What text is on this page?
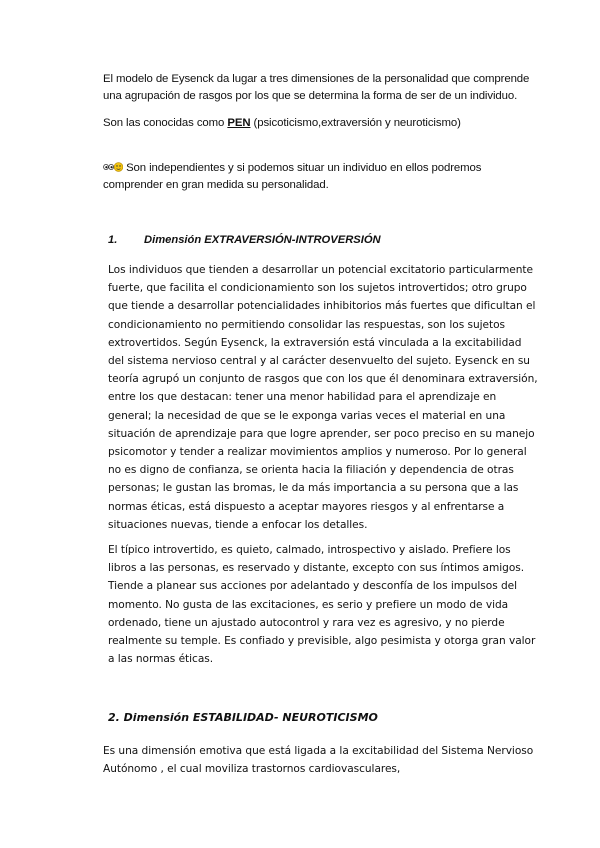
El modelo de Eysenck da lugar a tres dimensiones de la personalidad que comprende una agrupación de rasgos por los que se determina la forma de ser de un individuo.

Son las conocidas como PEN (psicoticismo,extraversión y neuroticismo)

Son independientes y si podemos situar un individuo en ellos podremos comprender en gran medida su personalidad.

1. Dimensión EXTRAVERSIÓN-INTROVERSIÓN

Los individuos que tienden a desarrollar un potencial excitatorio particularmente fuerte, que facilita el condicionamiento son los sujetos introvertidos; otro grupo que tiende a desarrollar potencialidades inhibitorios más fuertes que dificultan el condicionamiento no permitiendo consolidar las respuestas, son los sujetos extrovertidos. Según Eysenck, la extraversión está vinculada a la excitabilidad del sistema nervioso central y al carácter desenvuelto del sujeto. Eysenck en su teoría agrupó un conjunto de rasgos que con los que él denominara extraversión, entre los que destacan: tener una menor habilidad para el aprendizaje en general; la necesidad de que se le exponga varias veces el material en una situación de aprendizaje para que logre aprender, ser poco preciso en su manejo psicomotor y tender a realizar movimientos amplios y numeroso. Por lo general no es digno de confianza, se orienta hacia la filiación y dependencia de otras personas; le gustan las bromas, le da más importancia a su persona que a las normas éticas, está dispuesto a aceptar mayores riesgos y al enfrentarse a situaciones nuevas, tiende a enfocar los detalles.

El típico introvertido, es quieto, calmado, introspectivo y aislado. Prefiere los libros a las personas, es reservado y distante, excepto con sus íntimos amigos. Tiende a planear sus acciones por adelantado y desconfía de los impulsos del momento. No gusta de las excitaciones, es serio y prefiere un modo de vida ordenado, tiene un ajustado autocontrol y rara vez es agresivo, y no pierde realmente su temple. Es confiado y previsible, algo pesimista y otorga gran valor a las normas éticas.

2. Dimensión ESTABILIDAD- NEUROTICISMO

Es una dimensión emotiva que está ligada a la excitabilidad del Sistema Nervioso Autónomo , el cual moviliza trastornos cardiovasculares,
